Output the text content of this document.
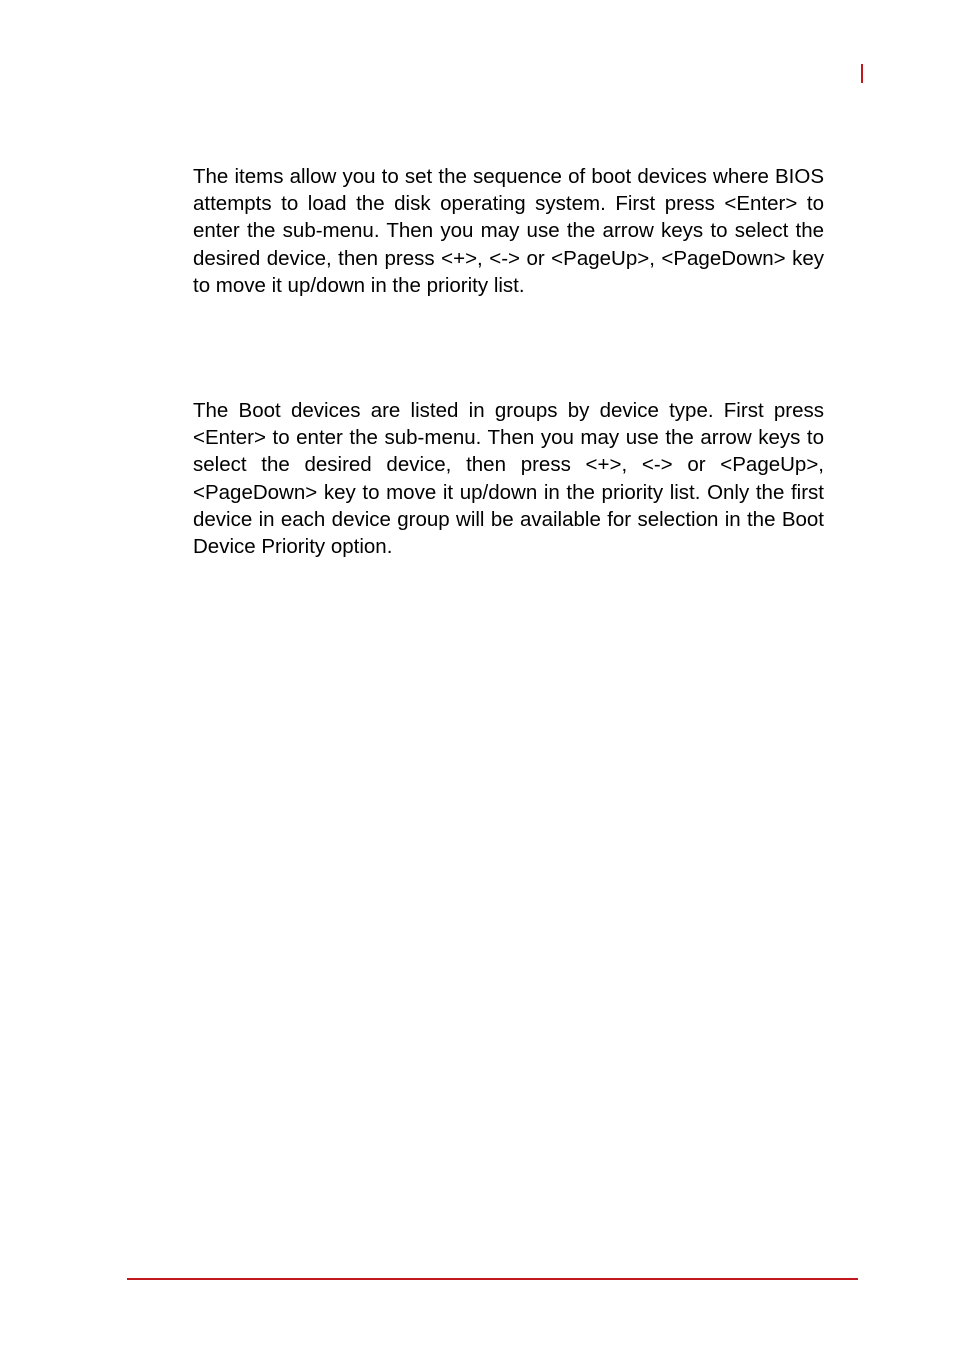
The items allow you to set the sequence of boot devices where BIOS attempts to load the disk operating system. First press <Enter> to enter the sub-menu. Then you may use the arrow keys to select the desired device, then press <+>, <-> or <PageUp>, <PageDown> key to move it up/down in the priority list.

The Boot devices are listed in groups by device type. First press <Enter> to enter the sub-menu. Then you may use the arrow keys to select the desired device, then press <+>, <-> or <PageUp>, <PageDown> key to move it up/down in the priority list. Only the first device in each device group will be available for selection in the Boot Device Priority option.
